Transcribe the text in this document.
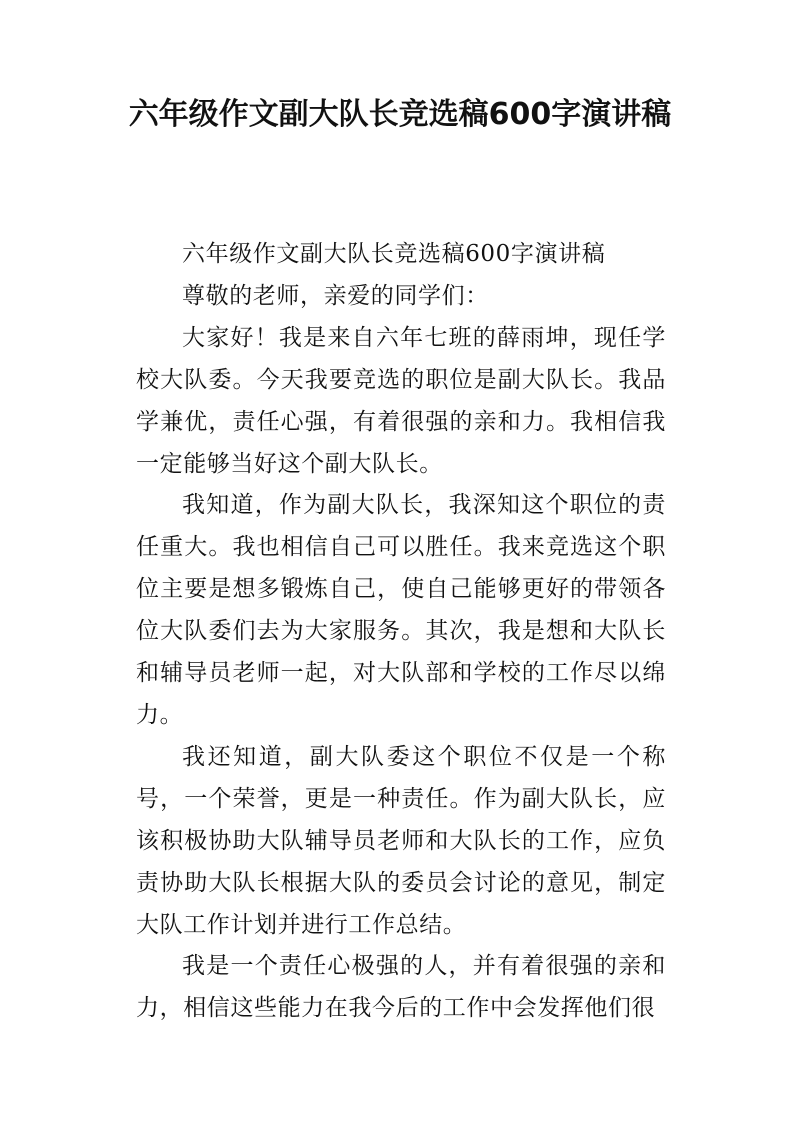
六年级作文副大队长竞选稿600字演讲稿

六年级作文副大队长竞选稿600字演讲稿

尊敬的老师，亲爱的同学们：

大家好！我是来自六年七班的薛雨坤，现任学校大队委。今天我要竞选的职位是副大队长。我品学兼优，责任心强，有着很强的亲和力。我相信我一定能够当好这个副大队长。

我知道，作为副大队长，我深知这个职位的责任重大。我也相信自己可以胜任。我来竞选这个职位主要是想多锻炼自己，使自己能够更好的带领各位大队委们去为大家服务。其次，我是想和大队长和辅导员老师一起，对大队部和学校的工作尽以绵力。

我还知道，副大队委这个职位不仅是一个称号，一个荣誉，更是一种责任。作为副大队长，应该积极协助大队辅导员老师和大队长的工作，应负责协助大队长根据大队的委员会讨论的意见，制定大队工作计划并进行工作总结。

我是一个责任心极强的人，并有着很强的亲和力，相信这些能力在我今后的工作中会发挥他们很
